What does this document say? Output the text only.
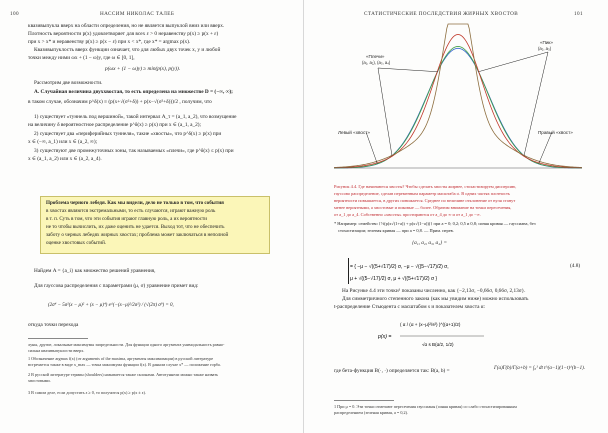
100	НАССИМ НИКОЛАС ТАЛЕБ
квазивыпукла вверх на области определения, но не является выпуклой вниз или вверх.
Плотность вероятности p(x) удовлетворяет для всех ε > 0 неравенству p(x) ≥ p(x + ε)
при x > x* и неравенству p(x) ≥ p(x − ε) при x < x*, где x* = argmax p(x).
Квазивыпуклость вверх функции означает, что для любых двух точек x, y и любой
точки между ними ωx + (1 − ω)y, где ω ∈ [0, 1],
p(ωx + (1 − ω)y) ≥ min(p(x), p(y)).
Рассмотрим две возможности.
А. Случайная величина двуххвостая, то есть определена на множестве D = (−∞, ∞);
в таком случае, обозначим p^δ(x) ≡ (p(x+√(σ²+δ)) + p(x−√(σ²+δ)))/2 , получим, что
1) существует «туннель под вершиной», такой интервал A_τ = (a_1, a_2), что возмущение
на величину δ вероятностное распределение p^δ(x) ≥ p(x) при x ∈ (a_1, a_2);
2) существует два «периферийных туннеля», такие «хвосты», что p^δ(x) ≥ p(x) при
x ∈ (−∞, a_1) или x ∈ (a_2, ∞);
3) существуют две промежуточных зоны, так называемых «плечи», где p^δ(x) ≤ p(x) при
x ∈ (a_1, a_2) или x ∈ (a_2, a_4).
Проблема черного лебедя. Как мы видели, дело не только в том, что события
в хвостах являются экстремальными, то есть случаются, играют важную роль
в т. п. Суть в том, что эти события играют главную роль, а их вероятности
не то чтобы вычислить, их даже оценить не удается. Выход тот, что не обеспечить
заботу о черных лебедях жирных хвостах; проблема может заключаться в неполной
оценке хвостовых событий.
Найдем A = {a_i} как множество решений уравнения,
Для гауссова распределения с параметрами (μ, σ) уравнение примет вид:
(2σ⁴ − 5σ²(x − μ)² + (x − μ)⁴) e^(−(x−μ)²/2σ²) / (√(2π) σ⁹) = 0,
откуда точки перехода
луны, другие, локальные максимумы запредельности. Для функции одного аргумента унимодальность равно-
сильна квазивыпуклости вверх.
1 Обозначение argmax f(x) (от arguments of the maxima, аргументы максимизации) в русской литературе
встречается также в виде x_max — точка максимума функции f(x). В данном случае x* — положение горба.
2 В русской литературе термин (shoulders) называется также склонами. Автотуннели можно также назвать
хвостовыми.
3 В самом деле, если допустить ε ≥ 0, то получится p(x) ≥ p(x ± ε).
СТАТИСТИЧЕСКИЕ ПОСЛЕДСТВИЯ ЖИРНЫХ ХВОСТОВ	101
«Плечи»
(a₁, a₂), (a₃, a₄)
«Пик»
(a₂, a₃)
Левый «хвост»	Правый «хвост»
Рисунок 4.4. Где начинаются хвосты? Чтобы сделать хвосты жирнее, стохастизируем дисперсию,
гауссово распределение, сделав переменным параметр масштаба σ. В одних частях плотность
вероятности повышается, в других понижается. Среднее по величине отклонение от нуля станут
менее вероятными, а хвостовые и пиковые — более. Обратим внимание на точки пересечения,
от a_1 до a_4. Собственно «хвосты» простираются от a_4 до ∞ и от a_1 до −∞.
* Например: семейство {½(p(x√(1+a)) + p(x√(1−a)))} при a = 0; 0,2; 0,5 и 0,8; синяя кривая — гауссиана, без
стохастизации; зеленая кривая — при a = 0,8. — Прим. перев.
{a₁, a₂, a₃, a₄} =
= { −μ − √((5+√17)/2) σ, −μ − √((5−√17)/2) σ,
μ + √((5−√17)/2) σ, μ + √((5+√17)/2) σ }
(4.8)
На Рисунке 4.4 эти точки¹ показаны численно, как {−2,13σ, −0,66σ, 0,66σ, 2,13σ}.
Для симметричного степенного закона (как мы увидим ниже) можно использовать
t-распределение Стьюдента с масштабом s и показателем хвоста α:
p(x) =
( α / (α + (x−μ)²/s²) )^((α+1)/2)
√α s B(α/2, 1/2)
где бета-функция B(·, ·) определяется так: B(a, b) =	Γ(a)Γ(b)/Γ(a+b) = ∫₀¹ dt t^(a−1)(1−t)^(b−1).
1 При μ = 0. Эти точки отмечают пересечения гауссианы (синяя кривая) со слабо стохастизированным
распределением (зеленая кривая, a = 0,2).
